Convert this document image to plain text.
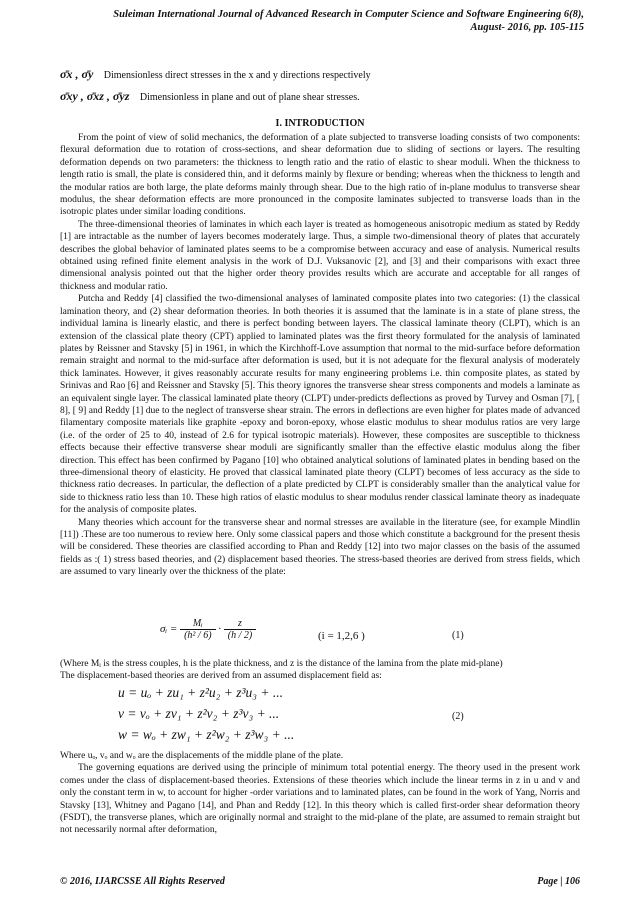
Suleiman International Journal of Advanced Research in Computer Science and Software Engineering 6(8),
August- 2016, pp. 105-115
σ̄x , σ̄y Dimensionless direct stresses in the x and y directions respectively
σ̄xy , σ̄xz , σ̄yz Dimensionless in plane and out of plane shear stresses.
I. INTRODUCTION

From the point of view of solid mechanics, the deformation of a plate subjected to transverse loading consists of two components: flexural deformation due to rotation of cross-sections, and shear deformation due to sliding of sections or layers. The resulting deformation depends on two parameters: the thickness to length ratio and the ratio of elastic to shear moduli. When the thickness to length ratio is small, the plate is considered thin, and it deforms mainly by flexure or bending; whereas when the thickness to length and the modular ratios are both large, the plate deforms mainly through shear. Due to the high ratio of in-plane modulus to transverse shear modulus, the shear deformation effects are more pronounced in the composite laminates subjected to transverse loads than in the isotropic plates under similar loading conditions.

The three-dimensional theories of laminates in which each layer is treated as homogeneous anisotropic medium as stated by Reddy [1] are intractable as the number of layers becomes moderately large. Thus, a simple two-dimensional theory of plates that accurately describes the global behavior of laminated plates seems to be a compromise between accuracy and ease of analysis. Numerical results obtained using refined finite element analysis in the work of D.J. Vuksanovic [2], and [3] and their comparisons with exact three dimensional analysis pointed out that the higher order theory provides results which are accurate and acceptable for all ranges of thickness and modular ratio.

Putcha and Reddy [4] classified the two-dimensional analyses of laminated composite plates into two categories: (1) the classical lamination theory, and (2) shear deformation theories. In both theories it is assumed that the laminate is in a state of plane stress, the individual lamina is linearly elastic, and there is perfect bonding between layers. The classical laminate theory (CLPT), which is an extension of the classical plate theory (CPT) applied to laminated plates was the first theory formulated for the analysis of laminated plates by Reissner and Stavsky [5] in 1961, in which the Kirchhoff-Love assumption that normal to the mid-surface before deformation remain straight and normal to the mid-surface after deformation is used, but it is not adequate for the flexural analysis of moderately thick laminates. However, it gives reasonably accurate results for many engineering problems i.e. thin composite plates, as stated by Srinivas and Rao [6] and Reissner and Stavsky [5]. This theory ignores the transverse shear stress components and models a laminate as an equivalent single layer. The classical laminated plate theory (CLPT) under-predicts deflections as proved by Turvey and Osman [7], [ 8], [ 9] and Reddy [1] due to the neglect of transverse shear strain. The errors in deflections are even higher for plates made of advanced filamentary composite materials like graphite -epoxy and boron-epoxy, whose elastic modulus to shear modulus ratios are very large (i.e. of the order of 25 to 40, instead of 2.6 for typical isotropic materials). However, these composites are susceptible to thickness effects because their effective transverse shear moduli are significantly smaller than the effective elastic modulus along the fiber direction. This effect has been confirmed by Pagano [10] who obtained analytical solutions of laminated plates in bending based on the three-dimensional theory of elasticity. He proved that classical laminated plate theory (CLPT) becomes of less accuracy as the side to thickness ratio decreases. In particular, the deflection of a plate predicted by CLPT is considerably smaller than the analytical value for side to thickness ratio less than 10. These high ratios of elastic modulus to shear modulus render classical laminate theory as inadequate for the analysis of composite plates.

Many theories which account for the transverse shear and normal stresses are available in the literature (see, for example Mindlin [11]) .These are too numerous to review here. Only some classical papers and those which constitute a background for the present thesis will be considered. These theories are classified according to Phan and Reddy [12] into two major classes on the basis of the assumed fields as :( 1) stress based theories, and (2) displacement based theories. The stress-based theories are derived from stress fields, which are assumed to vary linearly over the thickness of the plate:

σᵢ = $\frac{\text{Mᵢ}}{\text{(h² / 6)}} \cdot \frac{z}{(h / 2)}$	(i = 1,2,6 )	(1)

(Where Mᵢ is the stress couples, h is the plate thickness, and z is the distance of the lamina from the plate mid-plane)

The displacement-based theories are derived from an assumed displacement field as:

u = uₒ + zu₁ + z²u₂ + z³u₃ + ...
v = vₒ + zv₁ + z²v₂ + z³v₃ + ...
w = wₒ + zw₁ + z²w₂ + z³w₃ + ...
(2)

Where uₒ, vₒ and wₒ are the displacements of the middle plane of the plate.

The governing equations are derived using the principle of minimum total potential energy. The theory used in the present work comes under the class of displacement-based theories. Extensions of these theories which include the linear terms in z in u and v and only the constant term in w, to account for higher -order variations and to laminated plates, can be found in the work of Yang, Norris and Stavsky [13], Whitney and Pagano [14], and Phan and Reddy [12]. In this theory which is called first-order shear deformation theory (FSDT), the transverse planes, which are originally normal and straight to the mid-plane of the plate, are assumed to remain straight but not necessarily normal after deformation,

© 2016, IJARCSSE All Rights Reserved	Page | 106
